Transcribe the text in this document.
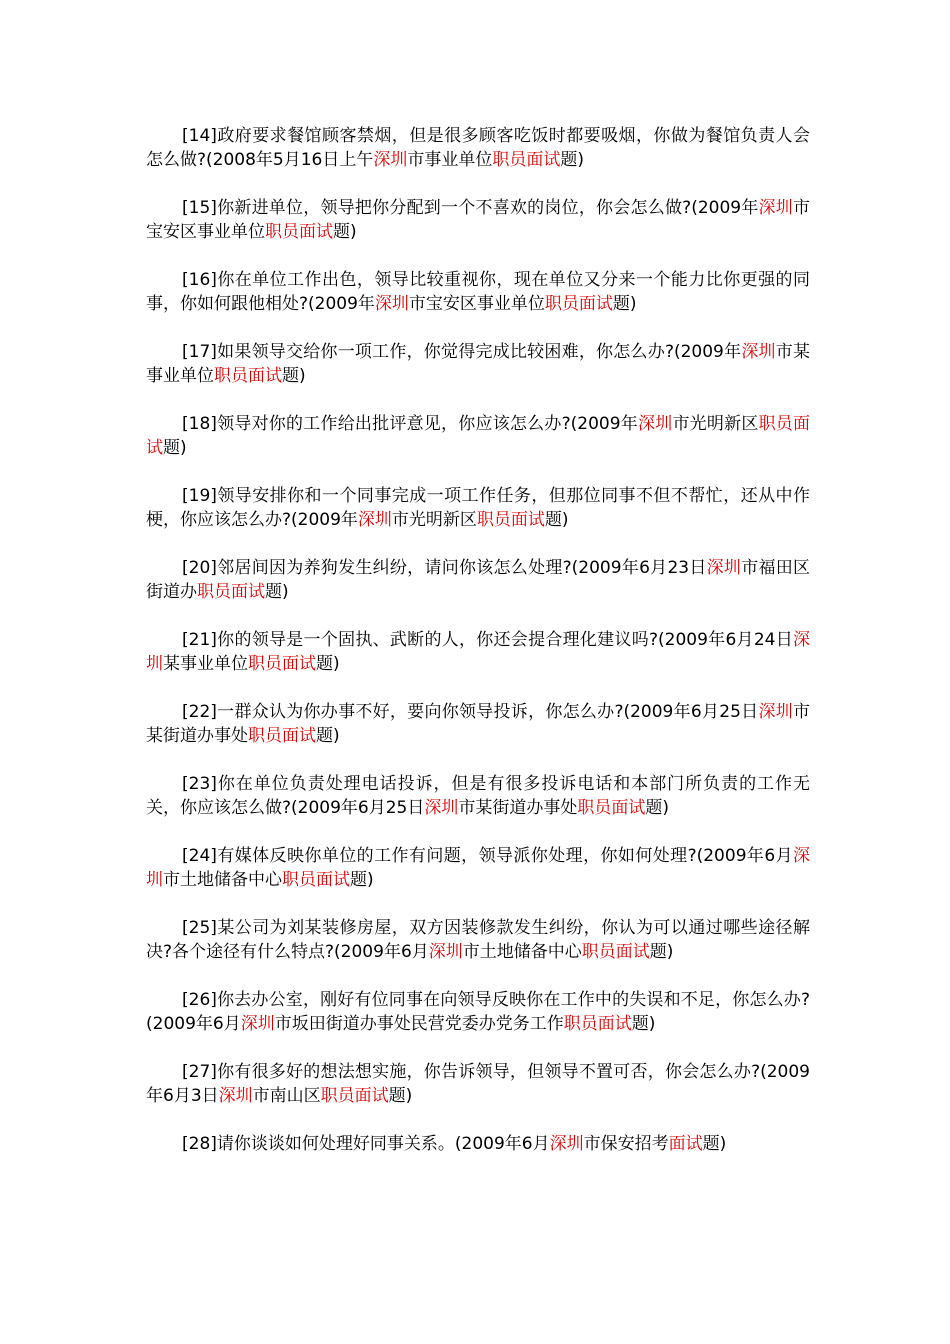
[14]政府要求餐馆顾客禁烟，但是很多顾客吃饭时都要吸烟，你做为餐馆负责人会怎么做?(2008年5月16日上午深圳市事业单位职员面试题)

[15]你新进单位，领导把你分配到一个不喜欢的岗位，你会怎么做?(2009年深圳市宝安区事业单位职员面试题)

[16]你在单位工作出色，领导比较重视你，现在单位又分来一个能力比你更强的同事，你如何跟他相处?(2009年深圳市宝安区事业单位职员面试题)

[17]如果领导交给你一项工作，你觉得完成比较困难，你怎么办?(2009年深圳市某事业单位职员面试题)

[18]领导对你的工作给出批评意见，你应该怎么办?(2009年深圳市光明新区职员面试题)

[19]领导安排你和一个同事完成一项工作任务，但那位同事不但不帮忙，还从中作梗，你应该怎么办?(2009年深圳市光明新区职员面试题)

[20]邻居间因为养狗发生纠纷，请问你该怎么处理?(2009年6月23日深圳市福田区街道办职员面试题)

[21]你的领导是一个固执、武断的人，你还会提合理化建议吗?(2009年6月24日深圳某事业单位职员面试题)

[22]一群众认为你办事不好，要向你领导投诉，你怎么办?(2009年6月25日深圳市某街道办事处职员面试题)

[23]你在单位负责处理电话投诉，但是有很多投诉电话和本部门所负责的工作无关，你应该怎么做?(2009年6月25日深圳市某街道办事处职员面试题)

[24]有媒体反映你单位的工作有问题，领导派你处理，你如何处理?(2009年6月深圳市土地储备中心职员面试题)

[25]某公司为刘某装修房屋，双方因装修款发生纠纷，你认为可以通过哪些途径解决?各个途径有什么特点?(2009年6月深圳市土地储备中心职员面试题)

[26]你去办公室，刚好有位同事在向领导反映你在工作中的失误和不足，你怎么办?(2009年6月深圳市坂田街道办事处民营党委办党务工作职员面试题)

[27]你有很多好的想法想实施，你告诉领导，但领导不置可否，你会怎么办?(2009年6月3日深圳市南山区职员面试题)

[28]请你谈谈如何处理好同事关系。(2009年6月深圳市保安招考面试题)
